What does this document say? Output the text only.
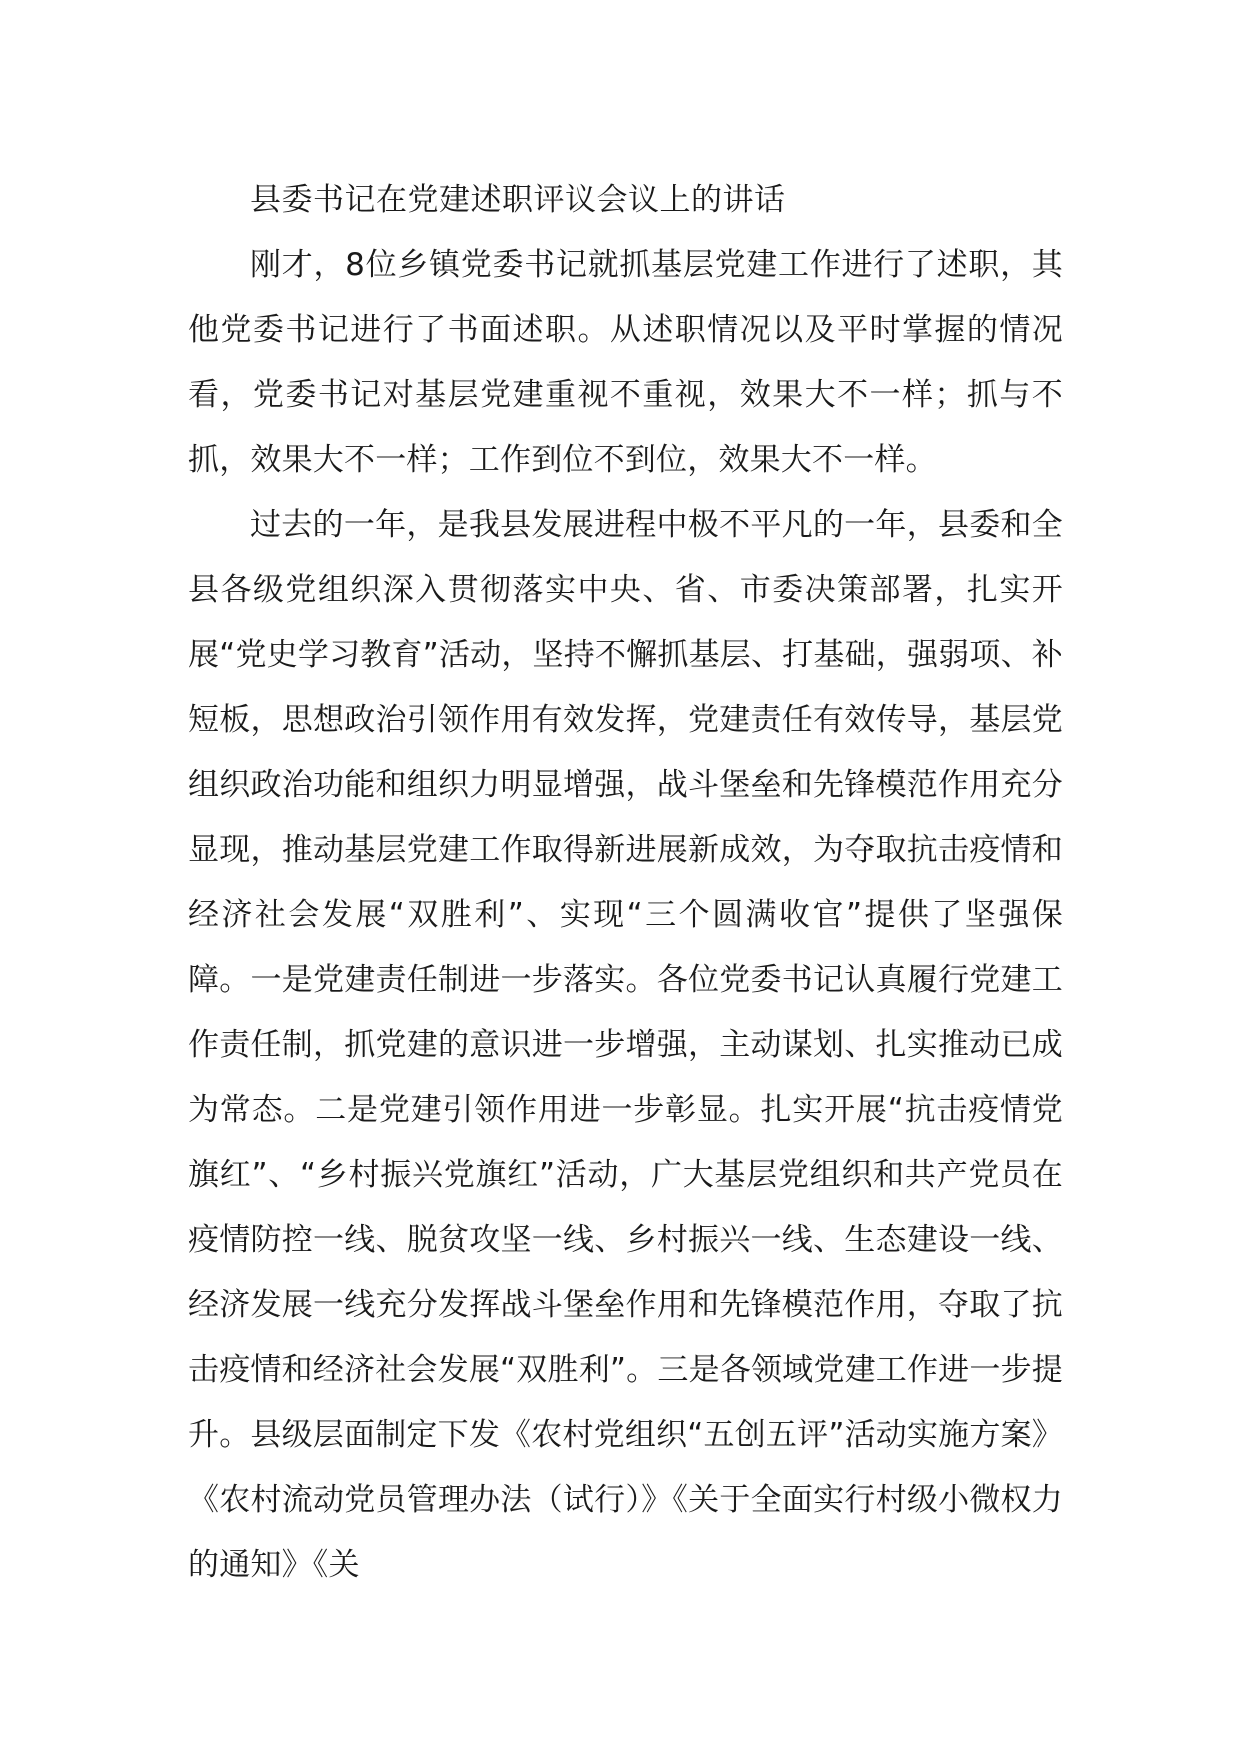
县委书记在党建述职评议会议上的讲话

刚才，8位乡镇党委书记就抓基层党建工作进行了述职，其他党委书记进行了书面述职。从述职情况以及平时掌握的情况看，党委书记对基层党建重视不重视，效果大不一样；抓与不抓，效果大不一样；工作到位不到位，效果大不一样。

过去的一年，是我县发展进程中极不平凡的一年，县委和全县各级党组织深入贯彻落实中央、省、市委决策部署，扎实开展“党史学习教育”活动，坚持不懈抓基层、打基础，强弱项、补短板，思想政治引领作用有效发挥，党建责任有效传导，基层党组织政治功能和组织力明显增强，战斗堡垒和先锋模范作用充分显现，推动基层党建工作取得新进展新成效，为夺取抗击疫情和经济社会发展“双胜利”、实现“三个圆满收官”提供了坚强保障。一是党建责任制进一步落实。各位党委书记认真履行党建工作责任制，抓党建的意识进一步增强，主动谋划、扎实推动已成为常态。二是党建引领作用进一步彰显。扎实开展“抗击疫情党旗红”、“乡村振兴党旗红”活动，广大基层党组织和共产党员在疫情防控一线、脱贫攻坚一线、乡村振兴一线、生态建设一线、经济发展一线充分发挥战斗堡垒作用和先锋模范作用，夺取了抗击疫情和经济社会发展“双胜利”。三是各领域党建工作进一步提升。县级层面制定下发《农村党组织“五创五评”活动实施方案》《农村流动党员管理办法（试行）》《关于全面实行村级小微权力的通知》《关
